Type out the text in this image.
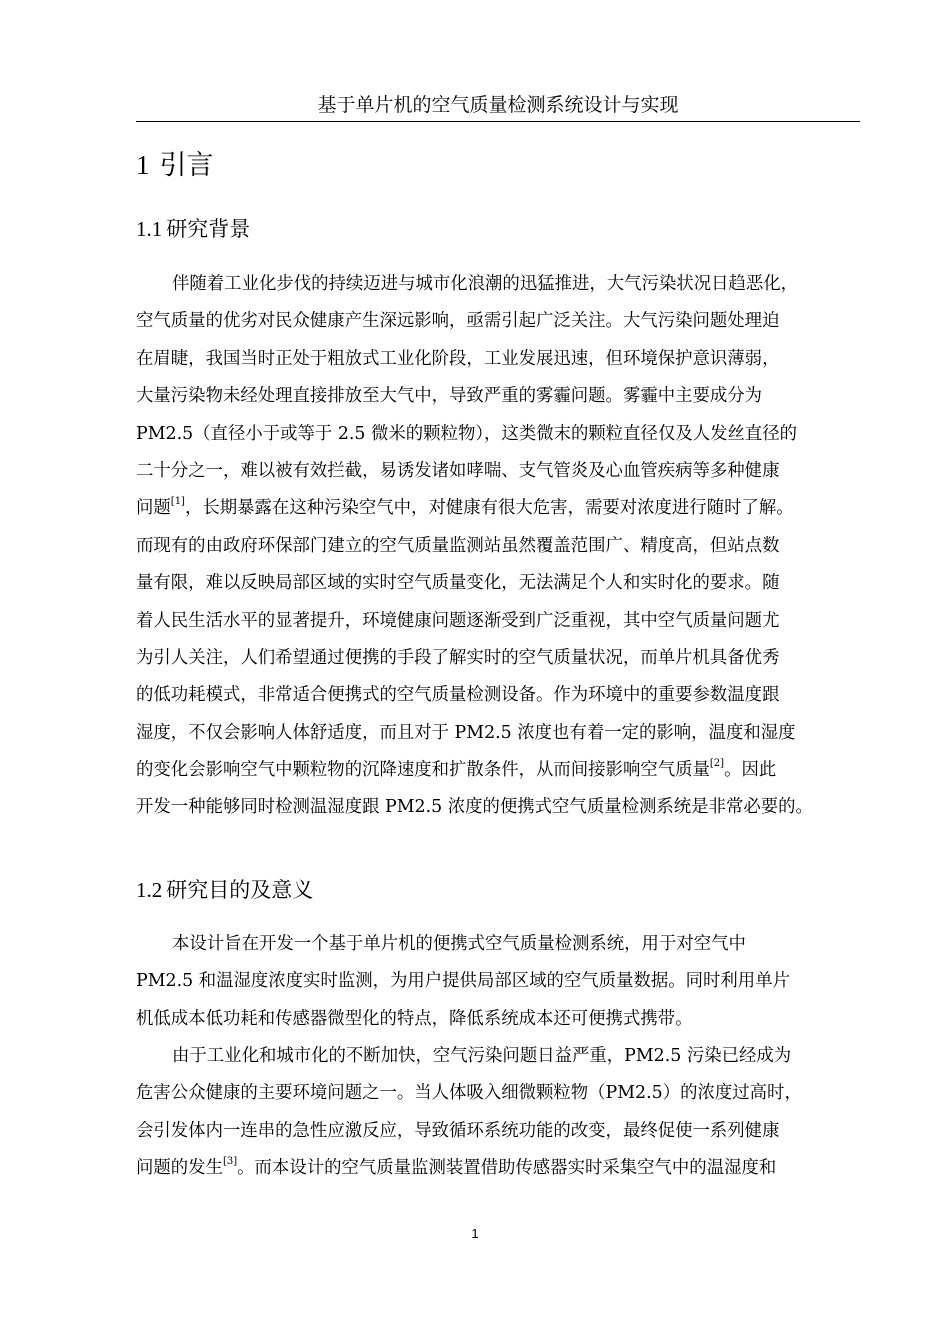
基于单片机的空气质量检测系统设计与实现
1 引言
1.1 研究背景
伴随着工业化步伐的持续迈进与城市化浪潮的迅猛推进，大气污染状况日趋恶化，
空气质量的优劣对民众健康产生深远影响，亟需引起广泛关注。大气污染问题处理迫
在眉睫，我国当时正处于粗放式工业化阶段，工业发展迅速，但环境保护意识薄弱，
大量污染物未经处理直接排放至大气中，导致严重的雾霾问题。雾霾中主要成分为
PM2.5（直径小于或等于 2.5 微米的颗粒物），这类微末的颗粒直径仅及人发丝直径的
二十分之一，难以被有效拦截，易诱发诸如哮喘、支气管炎及心血管疾病等多种健康
问题[1]，长期暴露在这种污染空气中，对健康有很大危害，需要对浓度进行随时了解。
而现有的由政府环保部门建立的空气质量监测站虽然覆盖范围广、精度高，但站点数
量有限，难以反映局部区域的实时空气质量变化，无法满足个人和实时化的要求。随
着人民生活水平的显著提升，环境健康问题逐渐受到广泛重视，其中空气质量问题尤
为引人关注，人们希望通过便携的手段了解实时的空气质量状况，而单片机具备优秀
的低功耗模式，非常适合便携式的空气质量检测设备。作为环境中的重要参数温度跟
湿度，不仅会影响人体舒适度，而且对于 PM2.5 浓度也有着一定的影响，温度和湿度
的变化会影响空气中颗粒物的沉降速度和扩散条件，从而间接影响空气质量[2]。因此
开发一种能够同时检测温湿度跟 PM2.5 浓度的便携式空气质量检测系统是非常必要的。
1.2 研究目的及意义
本设计旨在开发一个基于单片机的便携式空气质量检测系统，用于对空气中
PM2.5 和温湿度浓度实时监测，为用户提供局部区域的空气质量数据。同时利用单片
机低成本低功耗和传感器微型化的特点，降低系统成本还可便携式携带。
由于工业化和城市化的不断加快，空气污染问题日益严重，PM2.5 污染已经成为
危害公众健康的主要环境问题之一。当人体吸入细微颗粒物（PM2.5）的浓度过高时，
会引发体内一连串的急性应激反应，导致循环系统功能的改变，最终促使一系列健康
问题的发生[3]。而本设计的空气质量监测装置借助传感器实时采集空气中的温湿度和
1
